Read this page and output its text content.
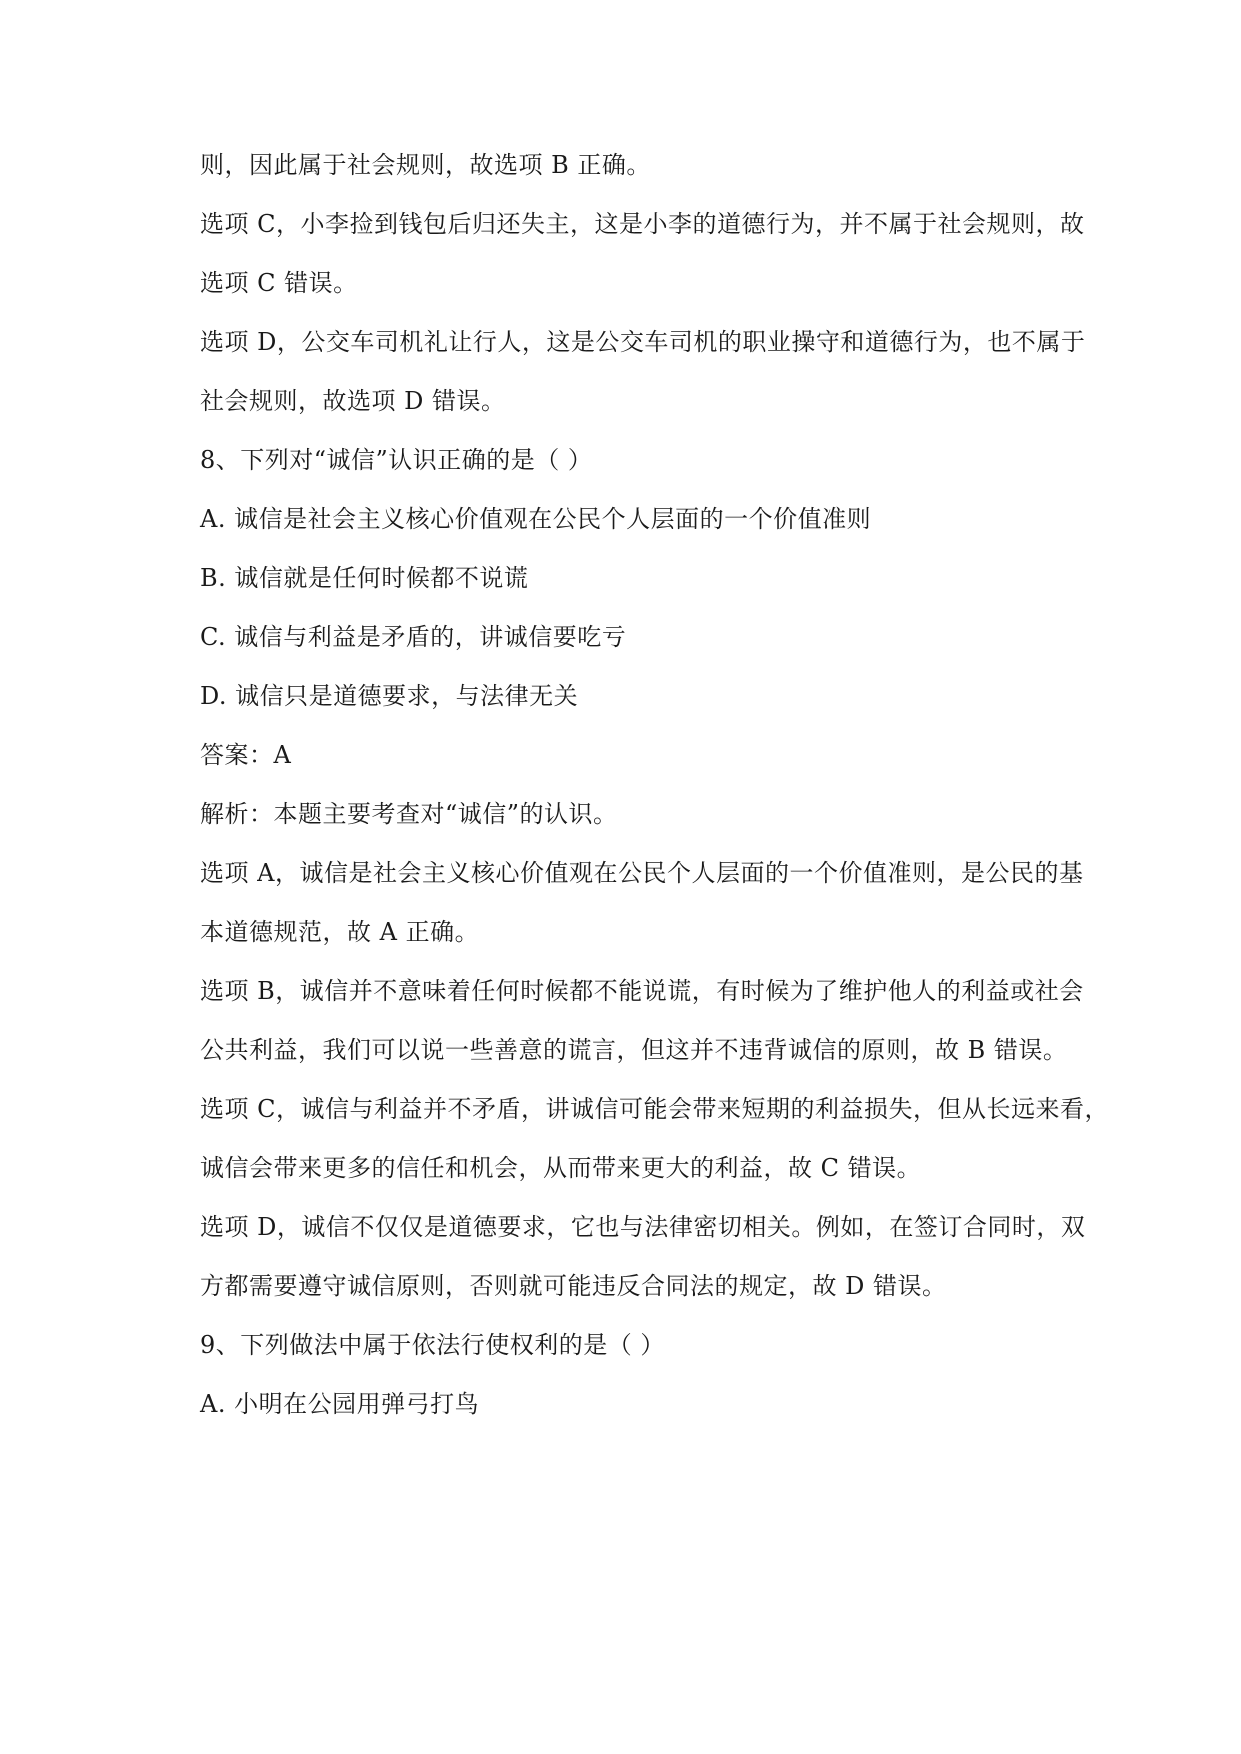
则，因此属于社会规则，故选项 B 正确。
选项 C，小李捡到钱包后归还失主，这是小李的道德行为，并不属于社会规则，故
选项 C 错误。
选项 D，公交车司机礼让行人，这是公交车司机的职业操守和道德行为，也不属于
社会规则，故选项 D 错误。
8、下列对“诚信”认识正确的是（ ）
A. 诚信是社会主义核心价值观在公民个人层面的一个价值准则
B. 诚信就是任何时候都不说谎
C. 诚信与利益是矛盾的，讲诚信要吃亏
D. 诚信只是道德要求，与法律无关
答案：A
解析：本题主要考查对“诚信”的认识。
选项 A，诚信是社会主义核心价值观在公民个人层面的一个价值准则，是公民的基
本道德规范，故 A 正确。
选项 B，诚信并不意味着任何时候都不能说谎，有时候为了维护他人的利益或社会
公共利益，我们可以说一些善意的谎言，但这并不违背诚信的原则，故 B 错误。
选项 C，诚信与利益并不矛盾，讲诚信可能会带来短期的利益损失，但从长远来看，
诚信会带来更多的信任和机会，从而带来更大的利益，故 C 错误。
选项 D，诚信不仅仅是道德要求，它也与法律密切相关。例如，在签订合同时，双
方都需要遵守诚信原则，否则就可能违反合同法的规定，故 D 错误。
9、下列做法中属于依法行使权利的是（ ）
A. 小明在公园用弹弓打鸟
